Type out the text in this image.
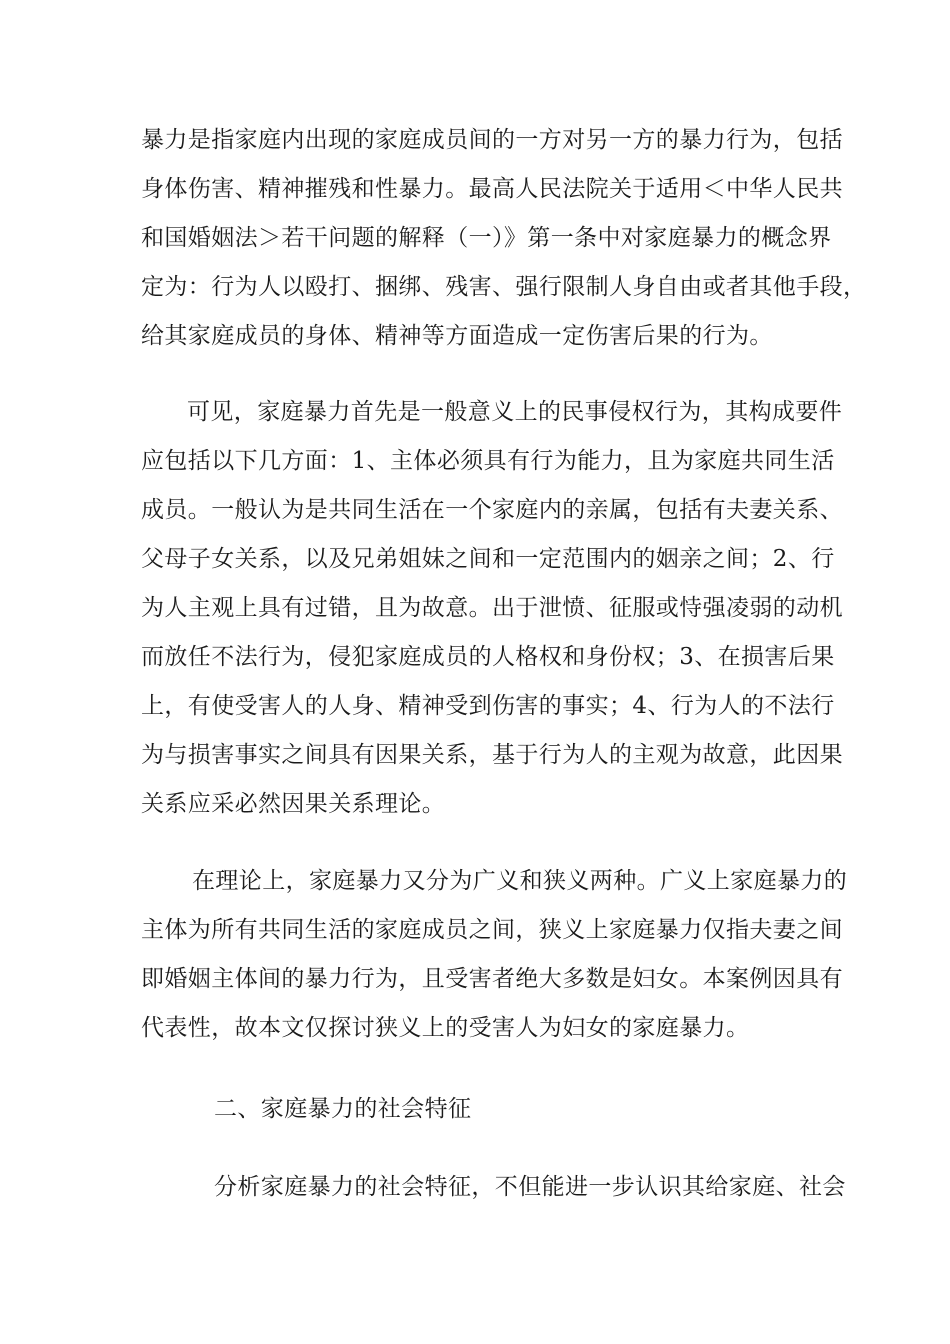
暴力是指家庭内出现的家庭成员间的一方对另一方的暴力行为，包括
身体伤害、精神摧残和性暴力。最高人民法院关于适用＜中华人民共
和国婚姻法＞若干问题的解释（一）》第一条中对家庭暴力的概念界
定为：行为人以殴打、捆绑、残害、强行限制人身自由或者其他手段，
给其家庭成员的身体、精神等方面造成一定伤害后果的行为。
可见，家庭暴力首先是一般意义上的民事侵权行为，其构成要件
应包括以下几方面：1、主体必须具有行为能力，且为家庭共同生活
成员。一般认为是共同生活在一个家庭内的亲属，包括有夫妻关系、
父母子女关系，以及兄弟姐妹之间和一定范围内的姻亲之间；2、行
为人主观上具有过错，且为故意。出于泄愤、征服或恃强凌弱的动机
而放任不法行为，侵犯家庭成员的人格权和身份权；3、在损害后果
上，有使受害人的人身、精神受到伤害的事实；4、行为人的不法行
为与损害事实之间具有因果关系，基于行为人的主观为故意，此因果
关系应采必然因果关系理论。
在理论上，家庭暴力又分为广义和狭义两种。广义上家庭暴力的
主体为所有共同生活的家庭成员之间，狭义上家庭暴力仅指夫妻之间
即婚姻主体间的暴力行为，且受害者绝大多数是妇女。本案例因具有
代表性，故本文仅探讨狭义上的受害人为妇女的家庭暴力。
二、家庭暴力的社会特征
分析家庭暴力的社会特征，不但能进一步认识其给家庭、社会
